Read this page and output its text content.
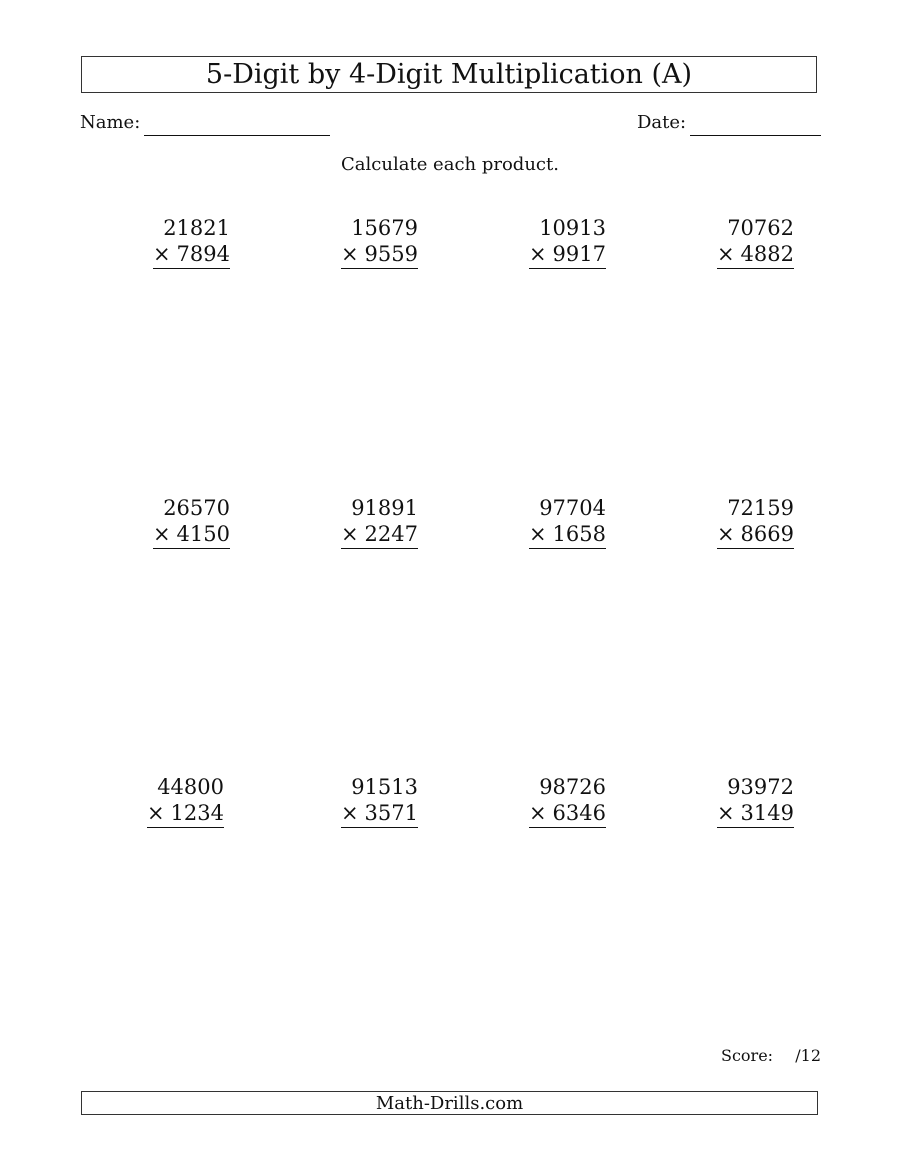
5-Digit by 4-Digit Multiplication (A)
Name:	Date:
Calculate each product.
21821
× 7894
15679
× 9559
10913
× 9917
70762
× 4882
26570
× 4150
91891
× 2247
97704
× 1658
72159
× 8669
44800
× 1234
91513
× 3571
98726
× 6346
93972
× 3149
Score: /12
Math-Drills.com
